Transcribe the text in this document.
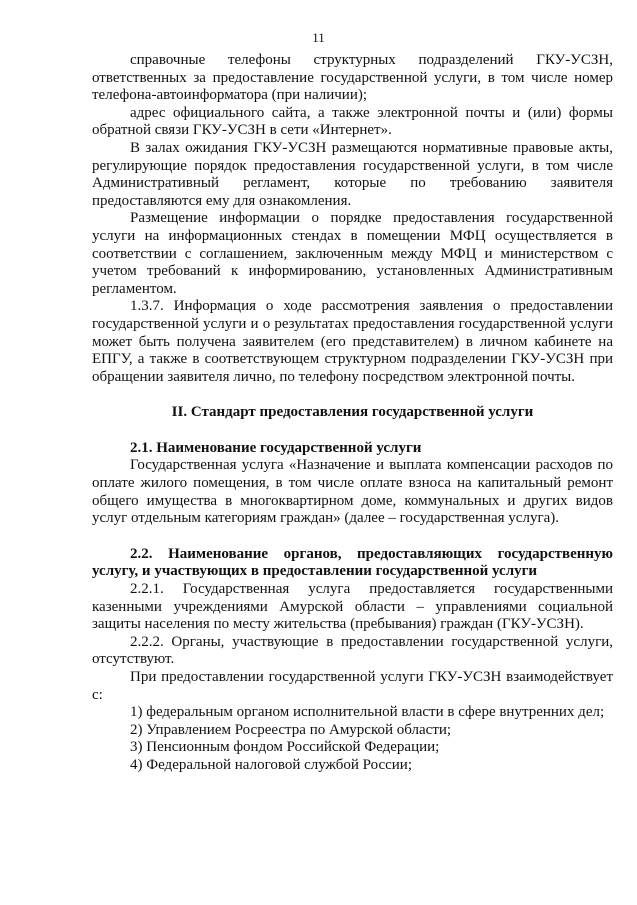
11

справочные телефоны структурных подразделений ГКУ-УСЗН, ответственных за предоставление государственной услуги, в том числе номер телефона-автоинформатора (при наличии);

адрес официального сайта, а также электронной почты и (или) формы обратной связи ГКУ-УСЗН в сети «Интернет».

В залах ожидания ГКУ-УСЗН размещаются нормативные правовые акты, регулирующие порядок предоставления государственной услуги, в том числе Административный регламент, которые по требованию заявителя предоставляются ему для ознакомления.

Размещение информации о порядке предоставления государственной услуги на информационных стендах в помещении МФЦ осуществляется в соответствии с соглашением, заключенным между МФЦ и министерством с учетом требований к информированию, установленных Административным регламентом.

1.3.7. Информация о ходе рассмотрения заявления о предоставлении государственной услуги и о результатах предоставления государственной услуги может быть получена заявителем (его представителем) в личном кабинете на ЕПГУ, а также в соответствующем структурном подразделении ГКУ-УСЗН при обращении заявителя лично, по телефону посредством электронной почты.

II. Стандарт предоставления государственной услуги
2.1. Наименование государственной услуги

Государственная услуга «Назначение и выплата компенсации расходов по оплате жилого помещения, в том числе оплате взноса на капитальный ремонт общего имущества в многоквартирном доме, коммунальных и других видов услуг отдельным категориям граждан» (далее – государственная услуга).

2.2. Наименование органов, предоставляющих государственную услугу, и участвующих в предоставлении государственной услуги

2.2.1. Государственная услуга предоставляется государственными казенными учреждениями Амурской области – управлениями социальной защиты населения по месту жительства (пребывания) граждан (ГКУ-УСЗН).

2.2.2. Органы, участвующие в предоставлении государственной услуги, отсутствуют.

При предоставлении государственной услуги ГКУ-УСЗН взаимодействует с:

1) федеральным органом исполнительной власти в сфере внутренних дел;

2) Управлением Росреестра по Амурской области;

3) Пенсионным фондом Российской Федерации;

4) Федеральной налоговой службой России;
